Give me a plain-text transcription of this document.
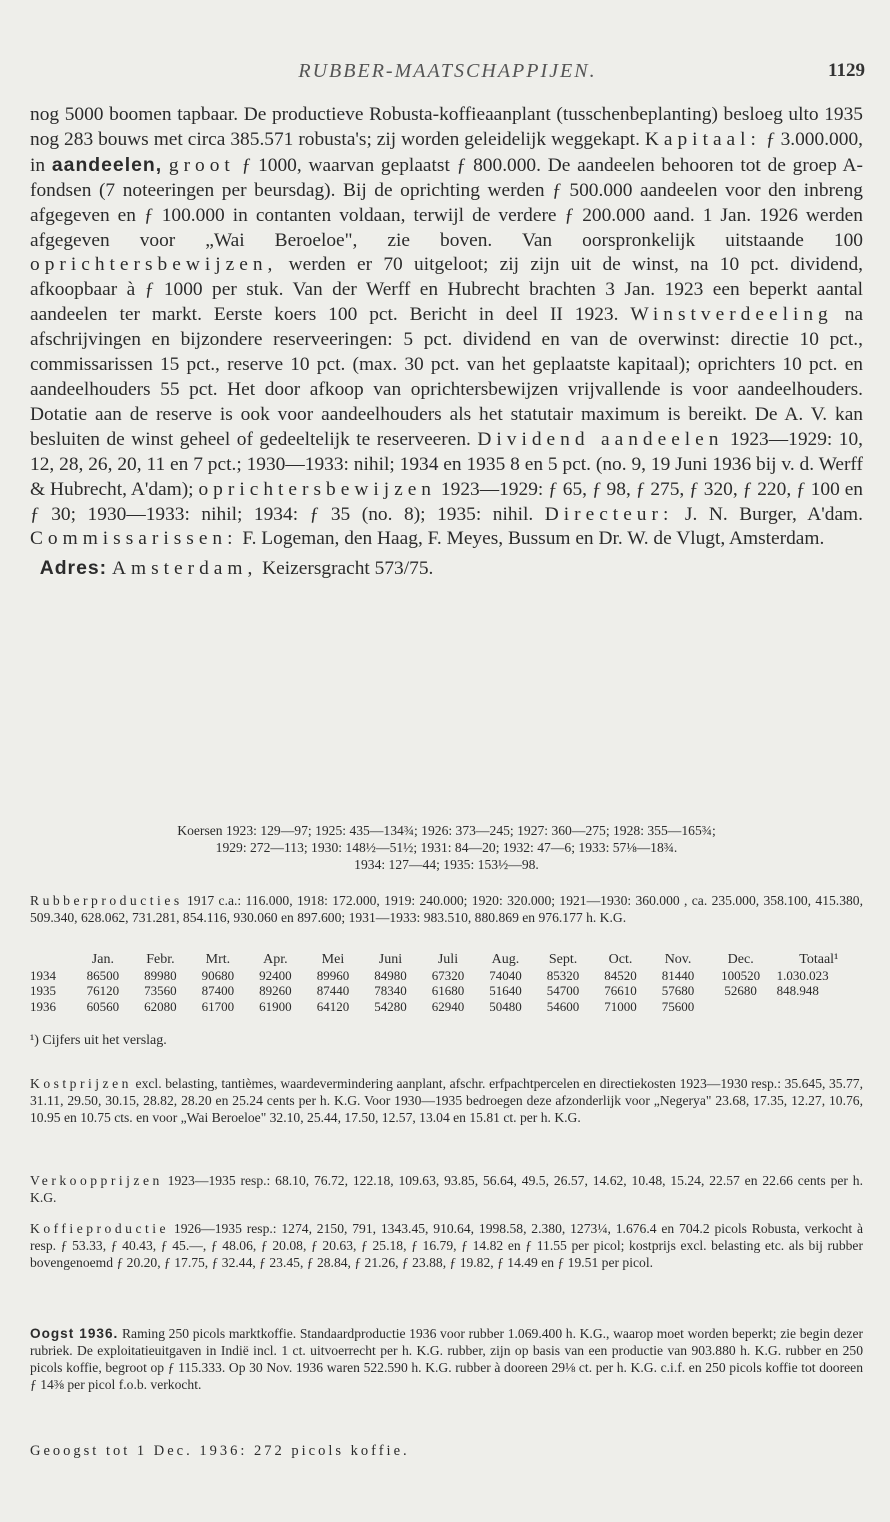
RUBBER-MAATSCHAPPIJEN.	1129

nog 5000 boomen tapbaar. De productieve Robusta-koffieaanplant (tusschenbeplanting) besloeg ulto 1935 nog 283 bouws met circa 385.571 robusta's; zij worden geleidelijk weggekapt. Kapitaal: ƒ 3.000.000, in aandeelen, groot ƒ 1000, waarvan geplaatst ƒ 800.000. De aandeelen behooren tot de groep A-fondsen (7 noteeringen per beursdag). Bij de oprichting werden ƒ 500.000 aandeelen voor den inbreng afgegeven en ƒ 100.000 in contanten voldaan, terwijl de verdere ƒ 200.000 aand. 1 Jan. 1926 werden afgegeven voor „Wai Beroeloe", zie boven. Van oorspronkelijk uitstaande 100 oprichtersbewijzen, werden er 70 uitgeloot; zij zijn uit de winst, na 10 pct. dividend, afkoopbaar à ƒ 1000 per stuk. Van der Werff en Hubrecht brachten 3 Jan. 1923 een beperkt aantal aandeelen ter markt. Eerste koers 100 pct. Bericht in deel II 1923. Winstverdeeling na afschrijvingen en bijzondere reserveeringen: 5 pct. dividend en van de overwinst: directie 10 pct., commissarissen 15 pct., reserve 10 pct. (max. 30 pct. van het geplaatste kapitaal); oprichters 10 pct. en aandeelhouders 55 pct. Het door afkoop van oprichtersbewijzen vrijvallende is voor aandeelhouders. Dotatie aan de reserve is ook voor aandeelhouders als het statutair maximum is bereikt. De A. V. kan besluiten de winst geheel of gedeeltelijk te reserveeren. Dividend aandeelen 1923—1929: 10, 12, 28, 26, 20, 11 en 7 pct.; 1930—1933: nihil; 1934 en 1935 8 en 5 pct. (no. 9, 19 Juni 1936 bij v. d. Werff & Hubrecht, A'dam); oprichtersbewijzen 1923—1929: ƒ 65, ƒ 98, ƒ 275, ƒ 320, ƒ 220, ƒ 100 en ƒ 30; 1930—1933: nihil; 1934: ƒ 35 (no. 8); 1935: nihil. Directeur: J. N. Burger, A'dam. Commissarissen: F. Logeman, den Haag, F. Meyes, Bussum en Dr. W. de Vlugt, Amsterdam.

Adres: Amsterdam, Keizersgracht 573/75.

Koersen 1923: 129—97; 1925: 435—134¾; 1926: 373—245; 1927: 360—275; 1928: 355—165¾;
1929: 272—113; 1930: 148½—51½; 1931: 84—20; 1932: 47—6; 1933: 57⅛—18¾.
1934: 127—44; 1935: 153½—98.
Rubberproducties 1917 c.a.: 116.000, 1918: 172.000, 1919: 240.000; 1920: 320.000; 1921—1930: 360.000 , ca. 235.000, 358.100, 415.380, 509.340, 628.062, 731.281, 854.116, 930.060 en 897.600; 1931—1933: 983.510, 880.869 en 976.177 h. K.G.
	Jan.	Febr.	Mrt.	Apr.	Mei	Juni	Juli	Aug.	Sept.	Oct.	Nov.	Dec.	Totaal¹
1934	86500	89980	90680	92400	89960	84980	67320	74040	85320	84520	81440	100520	1.030.023
1935	76120	73560	87400	89260	87440	78340	61680	51640	54700	76610	57680	52680	848.948
1936	60560	62080	61700	61900	64120	54280	62940	50480	54600	71000	75600		
¹) Cijfers uit het verslag.
Kostprijzen excl. belasting, tantièmes, waardevermindering aanplant, afschr. erfpachtpercelen en directiekosten 1923—1930 resp.: 35.645, 35.77, 31.11, 29.50, 30.15, 28.82, 28.20 en 25.24 cents per h. K.G. Voor 1930—1935 bedroegen deze afzonderlijk voor „Negerya" 23.68, 17.35, 12.27, 10.76, 10.95 en 10.75 cts. en voor „Wai Beroeloe" 32.10, 25.44, 17.50, 12.57, 13.04 en 15.81 ct. per h. K.G.
Verkoopprijzen 1923—1935 resp.: 68.10, 76.72, 122.18, 109.63, 93.85, 56.64, 49.5, 26.57, 14.62, 10.48, 15.24, 22.57 en 22.66 cents per h. K.G.
Koffieproductie 1926—1935 resp.: 1274, 2150, 791, 1343.45, 910.64, 1998.58, 2.380, 1273¼, 1.676.4 en 704.2 picols Robusta, verkocht à resp. ƒ 53.33, ƒ 40.43, ƒ 45.—, ƒ 48.06, ƒ 20.08, ƒ 20.63, ƒ 25.18, ƒ 16.79, ƒ 14.82 en ƒ 11.55 per picol; kostprijs excl. belasting etc. als bij rubber bovengenoemd ƒ 20.20, ƒ 17.75, ƒ 32.44, ƒ 23.45, ƒ 28.84, ƒ 21.26, ƒ 23.88, ƒ 19.82, ƒ 14.49 en ƒ 19.51 per picol.
Oogst 1936. Raming 250 picols marktkoffie. Standaardproductie 1936 voor rubber 1.069.400 h. K.G., waarop moet worden beperkt; zie begin dezer rubriek. De exploitatieuitgaven in Indië incl. 1 ct. uitvoerrecht per h. K.G. rubber, zijn op basis van een productie van 903.880 h. K.G. rubber en 250 picols koffie, begroot op ƒ 115.333. Op 30 Nov. 1936 waren 522.590 h. K.G. rubber à dooreen 29⅛ ct. per h. K.G. c.i.f. en 250 picols koffie tot dooreen ƒ 14⅜ per picol f.o.b. verkocht.
Geoogst tot 1 Dec. 1936: 272 picols koffie.
